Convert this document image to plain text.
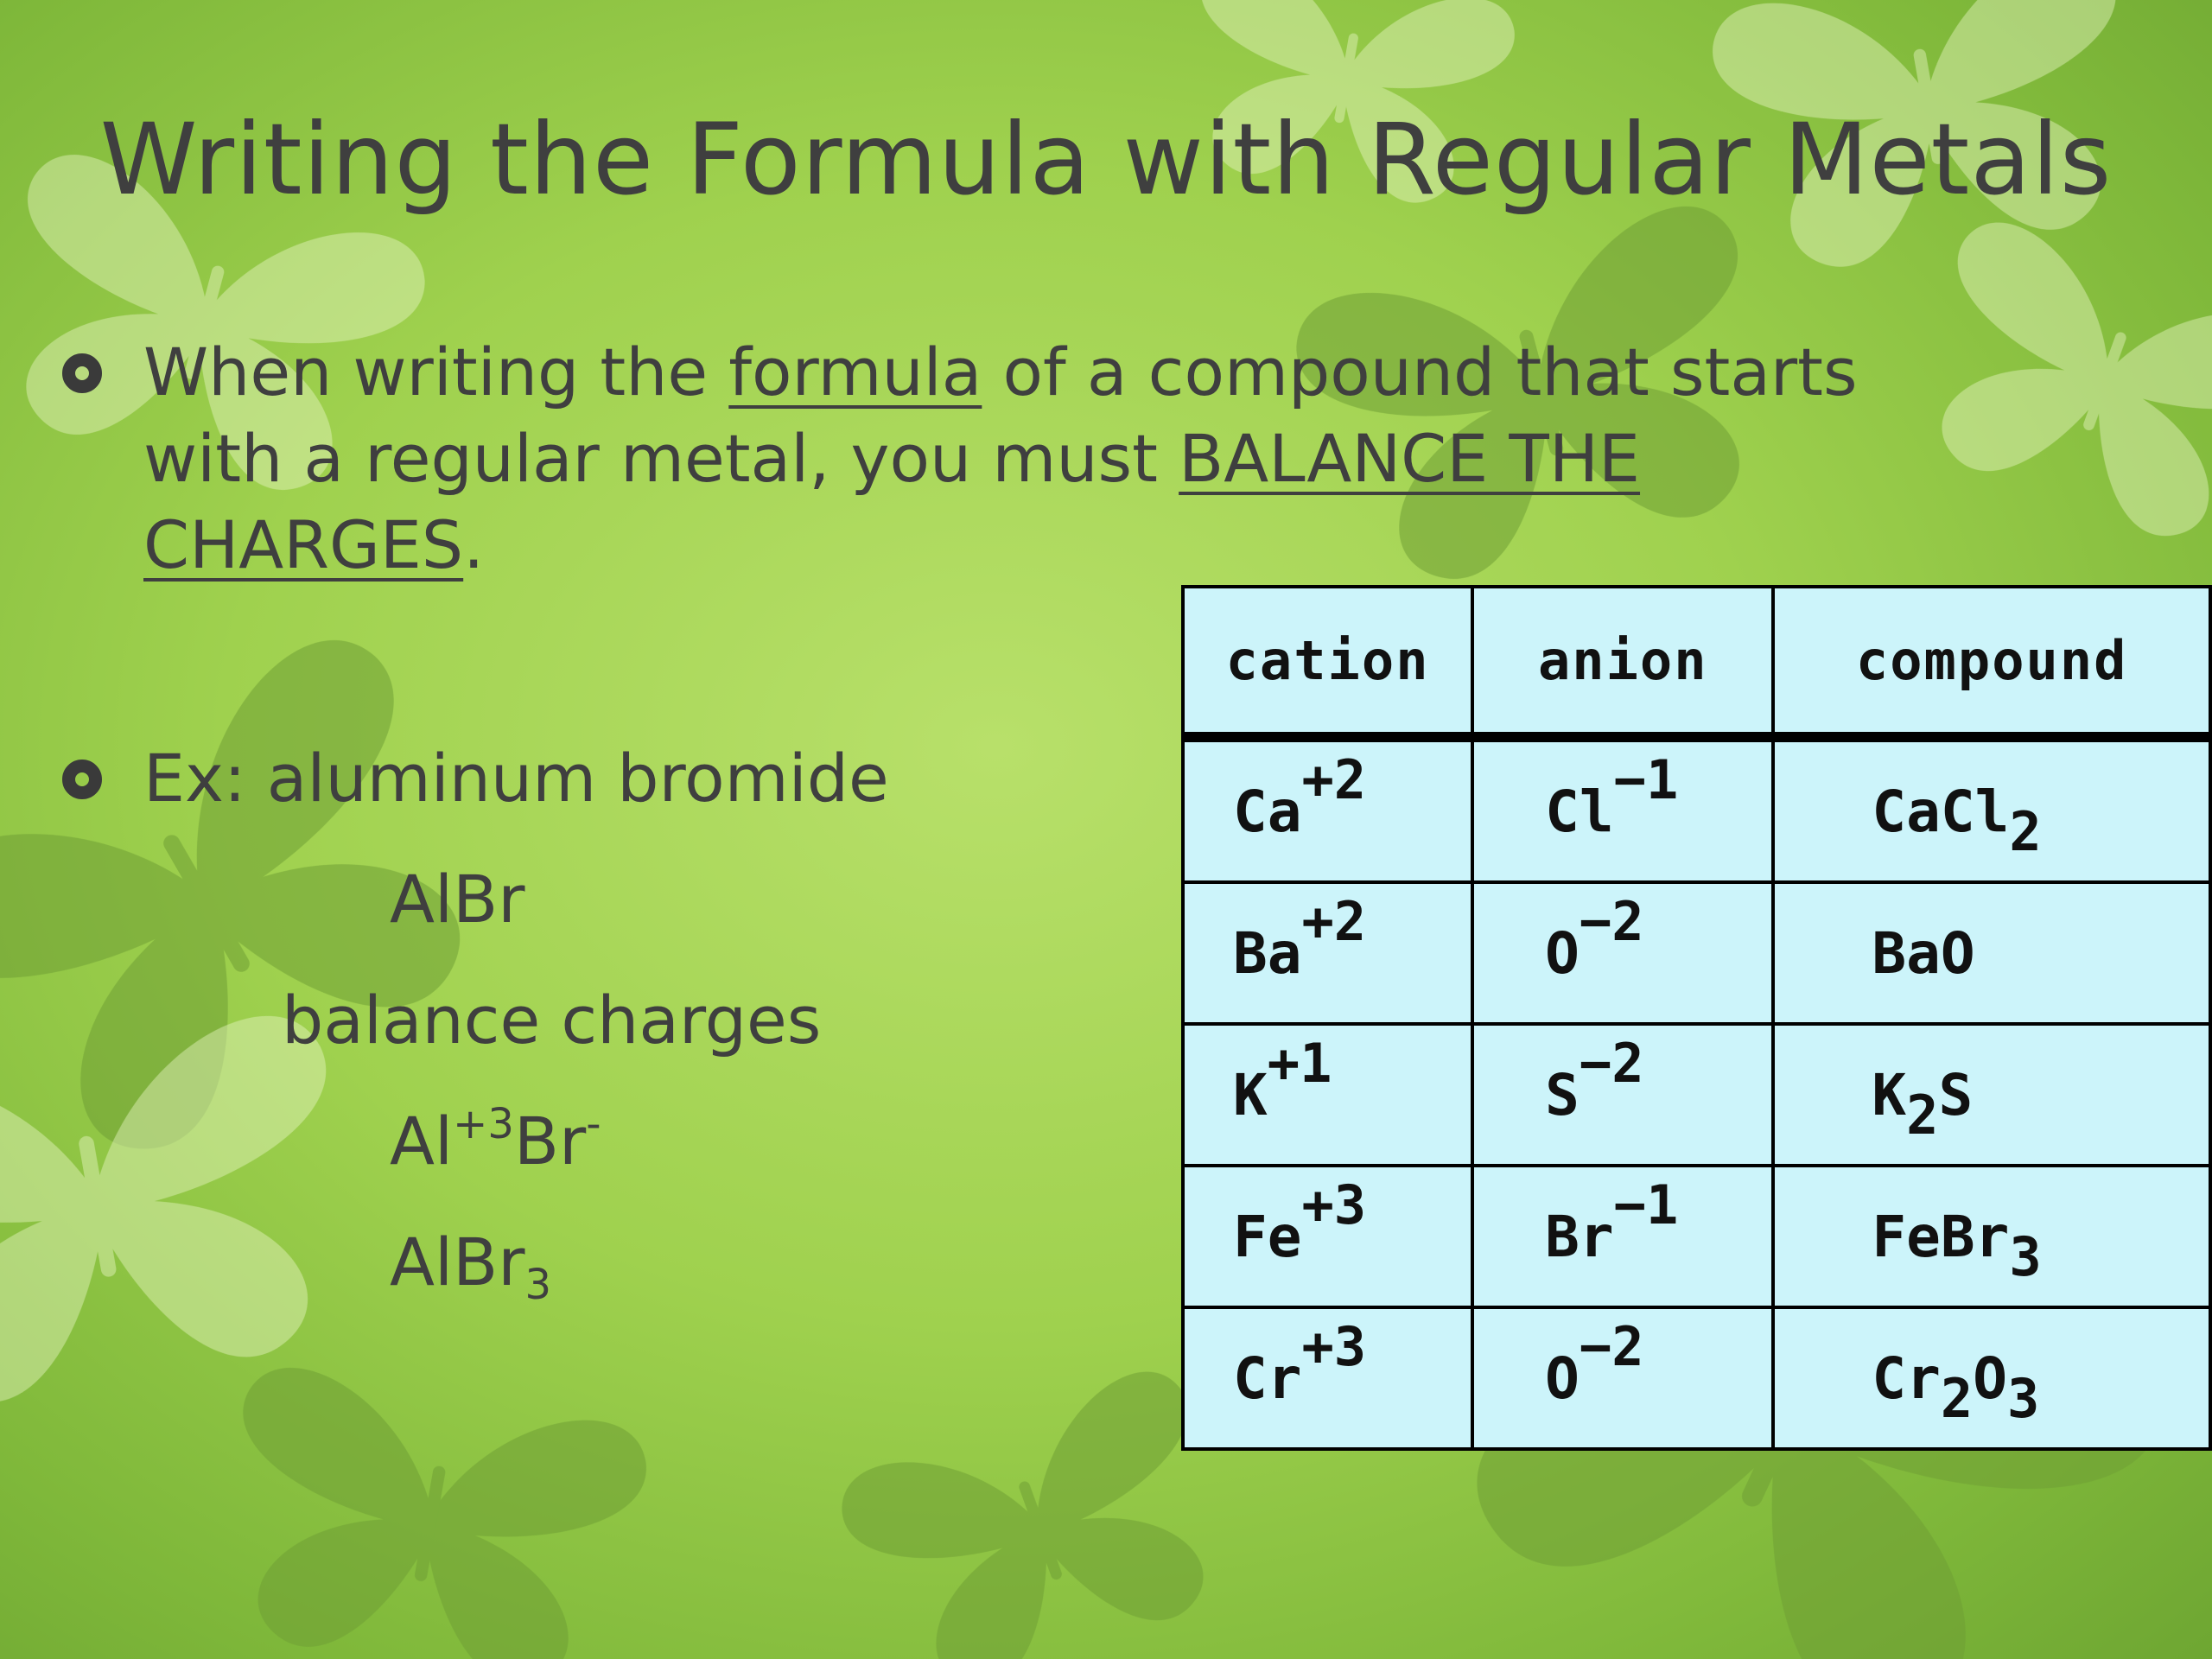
Writing the Formula with Regular Metals
When writing the formula of a compound that starts
with a regular metal, you must BALANCE THE
CHARGES.
Ex: aluminum bromide
AlBr
balance charges
$Al^{+3}Br^-$
AlBr$_3$
cation	anion	compound
$Ca^{+2}$	$Cl^{-1}$	CaCl$_2$
$Ba^{+2}$	$O^{-2}$	BaO
$K^{+1}$	$S^{-2}$	$K_2S$
$Fe^{+3}$	$Br^{-1}$	FeBr$_3$
$Cr^{+3}$	$O^{-2}$	$Cr_2O_3$
